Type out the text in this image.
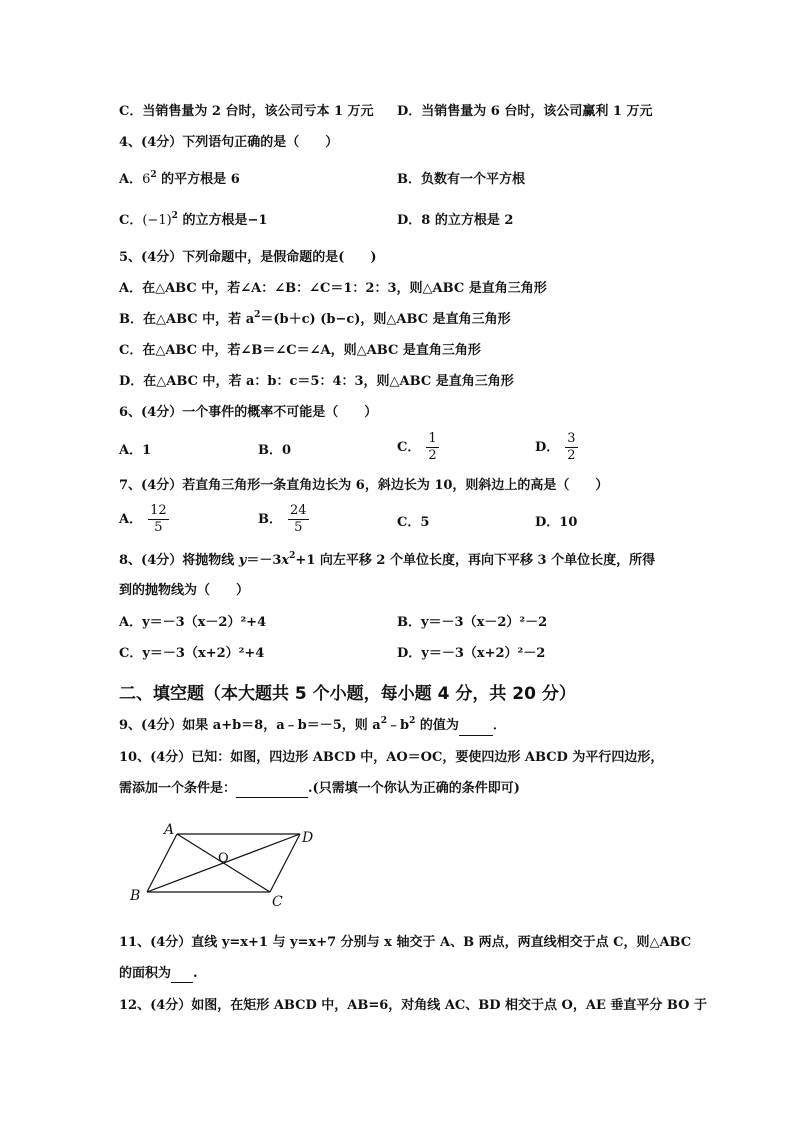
C．当销售量为 2 台时，该公司亏本 1 万元 D．当销售量为 6 台时，该公司赢利 1 万元
4、(4分）下列语句正确的是（　　）
A．$6^2$ 的平方根是 6	B．负数有一个平方根
C．$(-1)^2$ 的立方根是−1	D．8 的立方根是 2
5、(4分）下列命题中，是假命题的是(　　)
A．在△ABC 中，若∠A：∠B：∠C＝1：2：3，则△ABC 是直角三角形
B．在△ABC 中，若 $a^2=(b+c)$ (b−c)，则△ABC 是直角三角形
C．在△ABC 中，若∠B＝∠C＝∠A，则△ABC 是直角三角形
D．在△ABC 中，若 a：b：c＝5：4：3，则△ABC 是直角三角形
6、(4分）一个事件的概率不可能是（　　）
A．1	B．0	C． $\frac{1}{2}$	D． $\frac{3}{2}$
7、(4分）若直角三角形一条直角边长为 6，斜边长为 10，则斜边上的高是（　　）
A． $\frac{12}{5}$	B． $\frac{24}{5}$	C．5	D．10
8、(4分）将抛物线 $y=-3x^2+1$ 向左平移 2 个单位长度，再向下平移 3 个单位长度，所得
到的抛物线为（　　）
A．y＝－3（x－2）²+4	B．y＝－3（x－2）²－2
C．y＝－3（x+2）²+4	D．y＝－3（x+2）²－2
二、填空题（本大题共 5 个小题，每小题 4 分，共 20 分）
9、(4分）如果 a+b＝8，a﹣b＝－5，则 $a^2﹣b^2$ 的值为	．
10、(4分）已知：如图，四边形 ABCD 中，AO＝OC，要使四边形 ABCD 为平行四边形，
需添加一个条件是：	.(只需填一个你认为正确的条件即可)
A	D
B	C
O
11、(4分）直线 y=x+1 与 y=x+7 分别与 x 轴交于 A、B 两点，两直线相交于点 C，则△ABC
的面积为 .
12、(4分）如图，在矩形 ABCD 中，AB=6，对角线 AC、BD 相交于点 O，AE 垂直平分 BO 于
